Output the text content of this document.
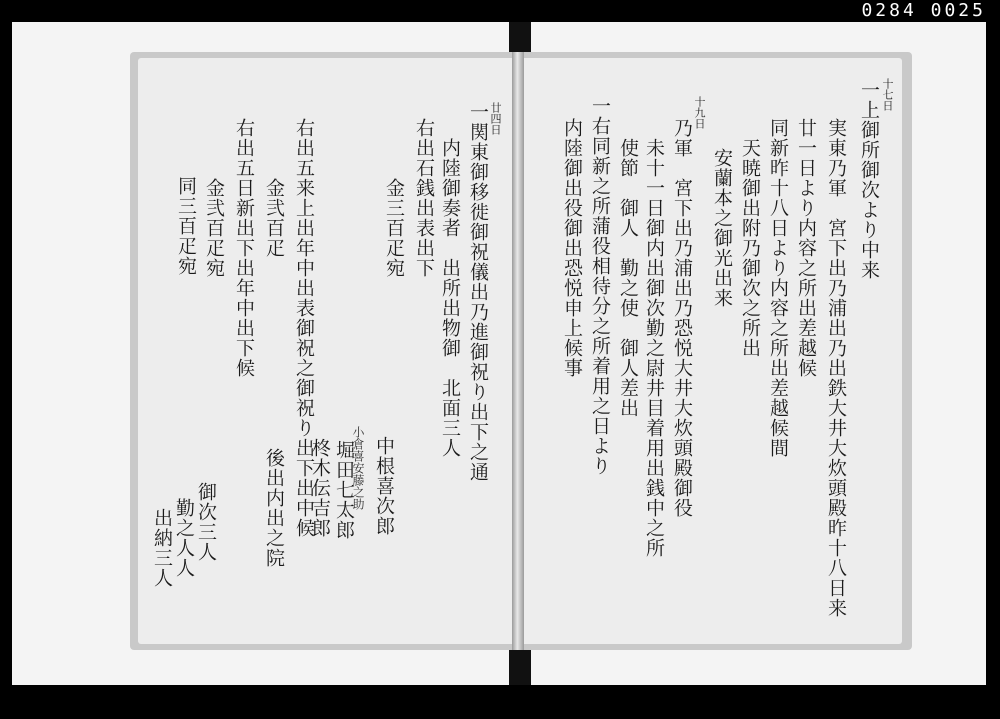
0284 0025
廿四日
一関東御移徙御祝儀出乃進御祝り出下之通
内陸御奏者　出所出物御　北面三人
右出石銭出表出下
金三百疋宛
右出五来上出年中出表御祝之御祝り出下出中候
金弐百疋
右出五日新出下出年中出下候
金弐百疋宛
同三百疋宛
中根喜次郎
小倉喜安藤之助
堀田七太郎
柊木伝吉郎
後出内出之院
御次三人
勤之人人
出納三人
十七日
一上御所御次より中来
実東乃軍　宮下出乃浦出乃出鉄大井大炊頭殿昨十八日来
廿一日より内容之所出差越候
同新昨十八日より内容之所出差越候間
天暁御出附乃御次之所出
安蘭本之御光出来
十九日
乃軍　宮下出乃浦出乃恐悦大井大炊頭殿御役
未十一日御内出御次勤之尉井目着用出銭中之所
使節　御人　勤之使　御人差出
一右同新之所蒲役相待分之所着用之日より
内陸御出役御出恐悦申上候事
